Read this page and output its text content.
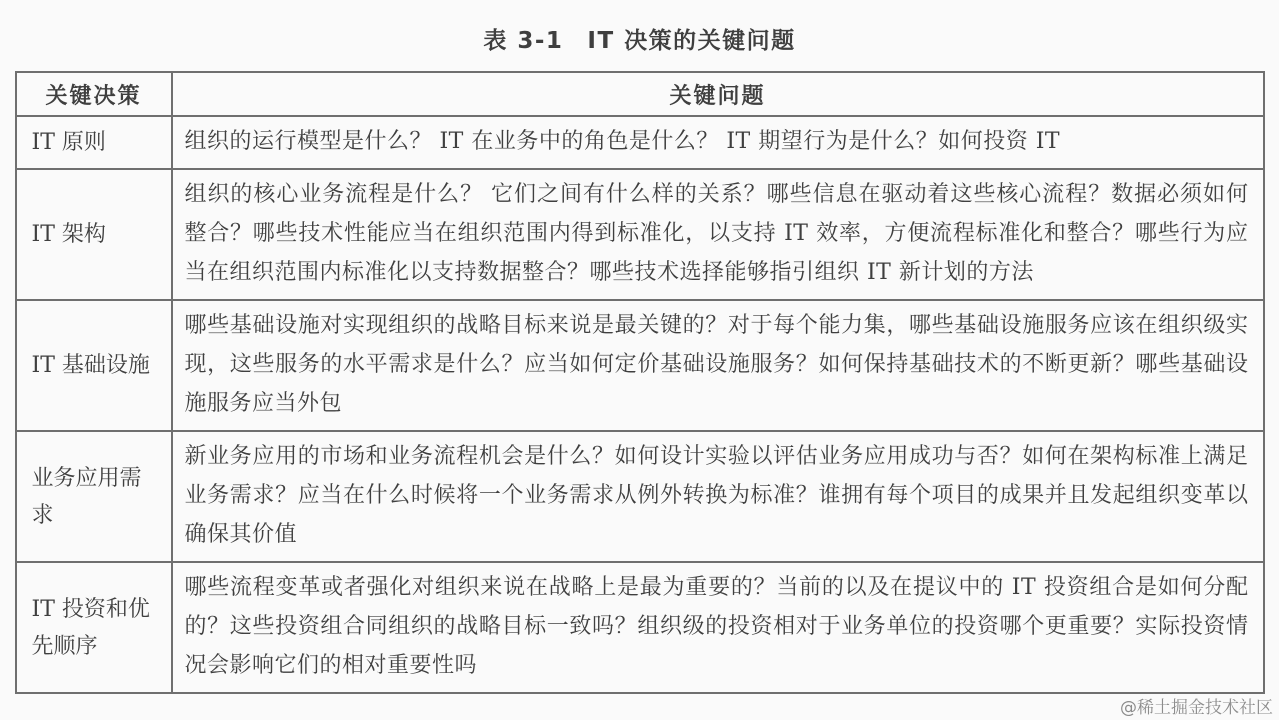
表 3-1 IT 决策的关键问题
关键决策	关键问题
IT 原则	组织的运行模型是什么？ IT 在业务中的角色是什么？ IT 期望行为是什么？如何投资 IT
IT 架构	组织的核心业务流程是什么？ 它们之间有什么样的关系？哪些信息在驱动着这些核心流程？数据必须如何整合？哪些技术性能应当在组织范围内得到标准化，以支持 IT 效率，方便流程标准化和整合？哪些行为应当在组织范围内标准化以支持数据整合？哪些技术选择能够指引组织 IT 新计划的方法
IT 基础设施	哪些基础设施对实现组织的战略目标来说是最关键的？对于每个能力集，哪些基础设施服务应该在组织级实现，这些服务的水平需求是什么？应当如何定价基础设施服务？如何保持基础技术的不断更新？哪些基础设施服务应当外包
业务应用需求	新业务应用的市场和业务流程机会是什么？如何设计实验以评估业务应用成功与否？如何在架构标准上满足业务需求？应当在什么时候将一个业务需求从例外转换为标准？谁拥有每个项目的成果并且发起组织变革以确保其价值
IT 投资和优先顺序	哪些流程变革或者强化对组织来说在战略上是最为重要的？当前的以及在提议中的 IT 投资组合是如何分配的？这些投资组合同组织的战略目标一致吗？组织级的投资相对于业务单位的投资哪个更重要？实际投资情况会影响它们的相对重要性吗
@稀土掘金技术社区
